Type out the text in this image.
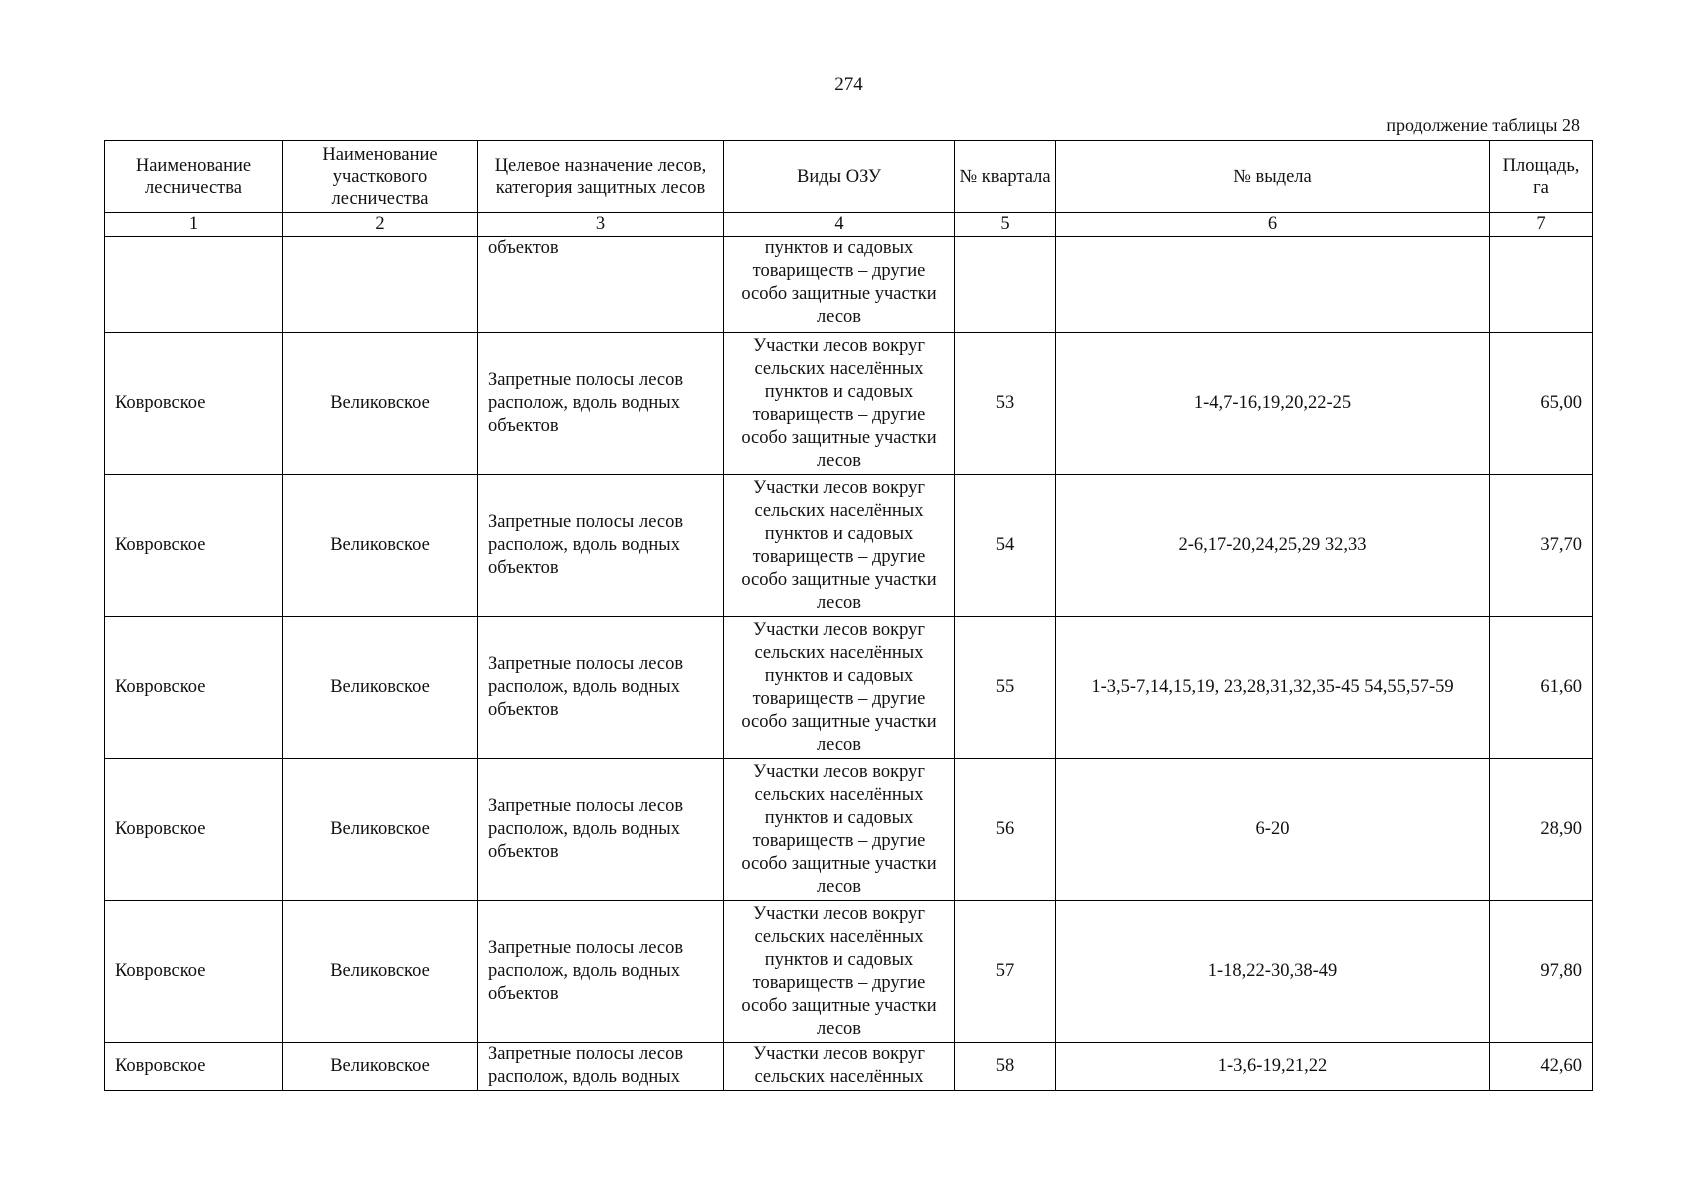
274
продолжение таблицы 28
Наименование лесничества	Наименование участкового лесничества	Целевое назначение лесов, категория защитных лесов	Виды ОЗУ	№ квартала	№ выдела	Площадь, га
1	2	3	4	5	6	7
		объектов	пунктов и садовых товариществ – другие особо защитные участки лесов			
Ковровское	Великовское	Запретные полосы лесов располож, вдоль водных объектов	Участки лесов вокруг сельских населённых пунктов и садовых товариществ – другие особо защитные участки лесов	53	1-4,7-16,19,20,22-25	65,00
Ковровское	Великовское	Запретные полосы лесов располож, вдоль водных объектов	Участки лесов вокруг сельских населённых пунктов и садовых товариществ – другие особо защитные участки лесов	54	2-6,17-20,24,25,29 32,33	37,70
Ковровское	Великовское	Запретные полосы лесов располож, вдоль водных объектов	Участки лесов вокруг сельских населённых пунктов и садовых товариществ – другие особо защитные участки лесов	55	1-3,5-7,14,15,19, 23,28,31,32,35-45 54,55,57-59	61,60
Ковровское	Великовское	Запретные полосы лесов располож, вдоль водных объектов	Участки лесов вокруг сельских населённых пунктов и садовых товариществ – другие особо защитные участки лесов	56	6-20	28,90
Ковровское	Великовское	Запретные полосы лесов располож, вдоль водных объектов	Участки лесов вокруг сельских населённых пунктов и садовых товариществ – другие особо защитные участки лесов	57	1-18,22-30,38-49	97,80
Ковровское	Великовское	Запретные полосы лесов располож, вдоль водных	Участки лесов вокруг сельских населённых	58	1-3,6-19,21,22	42,60
